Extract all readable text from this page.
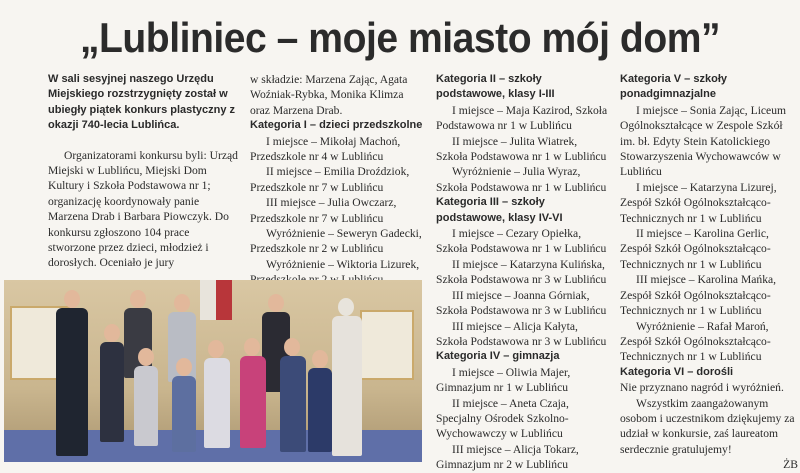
„Lubliniec – moje miasto mój dom”

W sali sesyjnej naszego Urzędu Miejskiego rozstrzygnięty został w ubiegły piątek konkurs plastyczny z okazji 740-lecia Lublińca.

Organizatorami konkursu byli: Urząd Miejski w Lublińcu, Miejski Dom Kultury i Szkoła Podstawowa nr 1; organizację koordynowały panie Marzena Drab i Barbara Piowczyk. Do konkursu zgłoszono 104 prace stworzone przez dzieci, młodzież i dorosłych. Oceniało je jury

w składzie: Marzena Zając, Agata Woźniak-Rybka, Monika Klimza oraz Marzena Drab.

Kategoria I – dzieci przedszkolne

I miejsce – Mikołaj Machoń, Przedszkole nr 4 w Lublińcu

II miejsce – Emilia Droździok, Przedszkole nr 7 w Lublińcu

III miejsce – Julia Owczarz, Przedszkole nr 7 w Lublińcu

Wyróżnienie – Seweryn Gadecki, Przedszkole nr 2 w Lublińcu

Wyróżnienie – Wiktoria Lizurek,

Kategoria II – szkoły podstawowe, klasy I-III

I miejsce – Maja Kazirod, Szkoła Podstawowa nr 1 w Lublińcu

II miejsce – Julita Wiatrek, Szkoła Podstawowa nr 1 w Lublińcu

Wyróżnienie – Julia Wyraz, Szkoła Podstawowa nr 1 w Lublińcu

Kategoria III – szkoły podstawowe, klasy IV-VI

I miejsce – Cezary Opiełka, Szkoła Podstawowa nr 1 w Lublińcu

II miejsce – Katarzyna Kulińska, Szkoła Podstawowa nr 3 w Lublińcu

III miejsce – Joanna Górniak, Szkoła Podstawowa nr 3 w Lublińcu

III miejsce – Alicja Kałyta, Szkoła Podstawowa nr 3 w Lublińcu

Kategoria IV – gimnazja

I miejsce – Oliwia Majer, Gimnazjum nr 1 w Lublińcu

II miejsce – Aneta Czaja, Specjalny Ośrodek Szkolno-Wychowawczy w Lublińcu

III miejsce – Alicja Tokarz, Gimnazjum nr 2 w Lublińcu

Kategoria V – szkoły ponadgimnazjalne

I miejsce – Sonia Zając, Liceum Ogólnokształcące w Zespole Szkół im. bł. Edyty Stein Katolickiego Stowarzyszenia Wychowawców w Lublińcu

I miejsce – Katarzyna Lizurej, Zespół Szkół Ogólnokształcąco-Technicznych nr 1 w Lublińcu

II miejsce – Karolina Gerlic, Zespół Szkół Ogólnokształcąco-Technicznych nr 1 w Lublińcu

III miejsce – Karolina Mańka, Zespół Szkół Ogólnokształcąco-Technicznych nr 1 w Lublińcu

Wyróżnienie – Rafał Maroń, Zespół Szkół Ogólnokształcąco-Technicznych nr 1 w Lublińcu

Kategoria VI – dorośli

Nie przyznano nagród i wyróżnień.

Wszystkim zaangażowanym osobom i uczestnikom dziękujemy za udział w konkursie, zaś laureatom serdecznie gratulujemy!

ŻB
